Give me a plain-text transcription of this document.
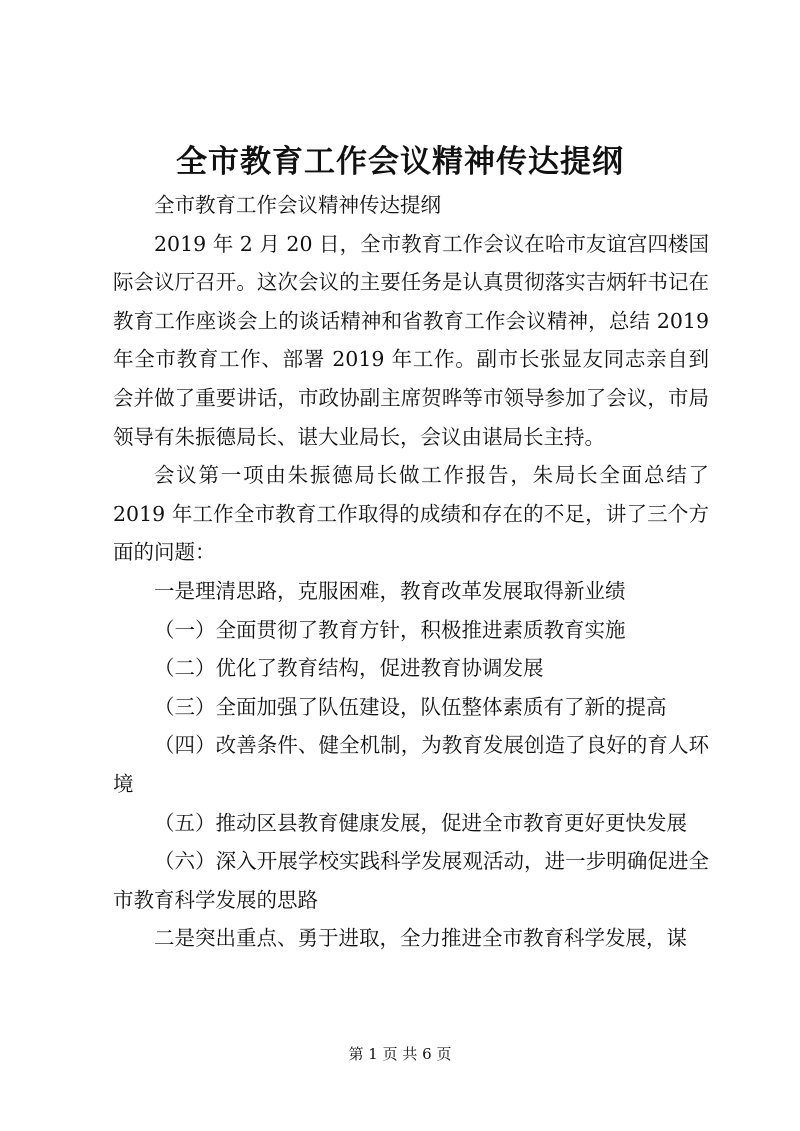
全市教育工作会议精神传达提纲

全市教育工作会议精神传达提纲

2019 年 2 月 20 日，全市教育工作会议在哈市友谊宫四楼国际会议厅召开。这次会议的主要任务是认真贯彻落实吉炳轩书记在教育工作座谈会上的谈话精神和省教育工作会议精神，总结 2019 年全市教育工作、部署 2019 年工作。副市长张显友同志亲自到会并做了重要讲话，市政协副主席贺晔等市领导参加了会议，市局领导有朱振德局长、谌大业局长，会议由谌局长主持。

会议第一项由朱振德局长做工作报告，朱局长全面总结了 2019 年工作全市教育工作取得的成绩和存在的不足，讲了三个方面的问题：

一是理清思路，克服困难，教育改革发展取得新业绩

（一）全面贯彻了教育方针，积极推进素质教育实施

（二）优化了教育结构，促进教育协调发展

（三）全面加强了队伍建设，队伍整体素质有了新的提高

（四）改善条件、健全机制，为教育发展创造了良好的育人环境

（五）推动区县教育健康发展，促进全市教育更好更快发展

（六）深入开展学校实践科学发展观活动，进一步明确促进全市教育科学发展的思路

二是突出重点、勇于进取，全力推进全市教育科学发展，谋

第 1 页 共 6 页
